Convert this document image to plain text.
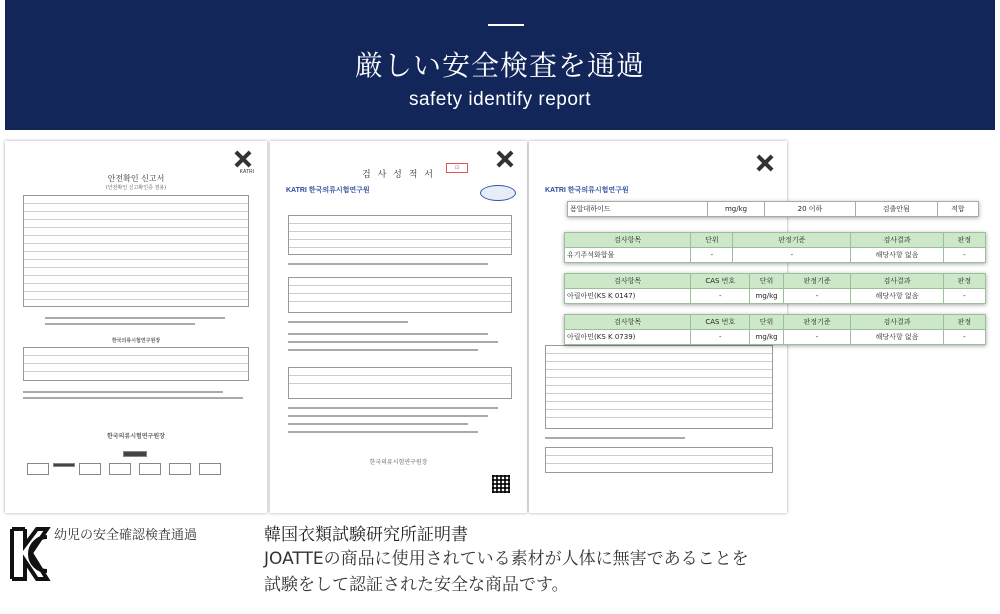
厳しい安全検査を通過
safety identify report
KATRI
안전확인 신고서
(안전확인 신고확인증 겸용)
한국의류시험연구원장
한국의류시험연구원장
검 사 성 적 서
⊡
KATRI 한국의류시험연구원
한국의류시험연구원장
KATRI 한국의류시험연구원
폼알데하이드	mg/kg	20 이하	검출안됨	적합
검사항목	단위	판정기준	검사결과	판정
유기주석화합물	-	-	해당사항 없음	-
검사항목	CAS 번호	단위	판정기준	검사결과	판정
아릴아민(KS K 0147)	-	mg/kg	-	해당사항 없음	-
검사항목	CAS 번호	단위	판정기준	검사결과	판정
아릴아민(KS K 0739)	-	mg/kg	-	해당사항 없음	-
幼児の安全確認検査通過	韓国衣類試験研究所証明書
JOATTEの商品に使用されている素材が人体に無害であることを
試験をして認証された安全な商品です。
